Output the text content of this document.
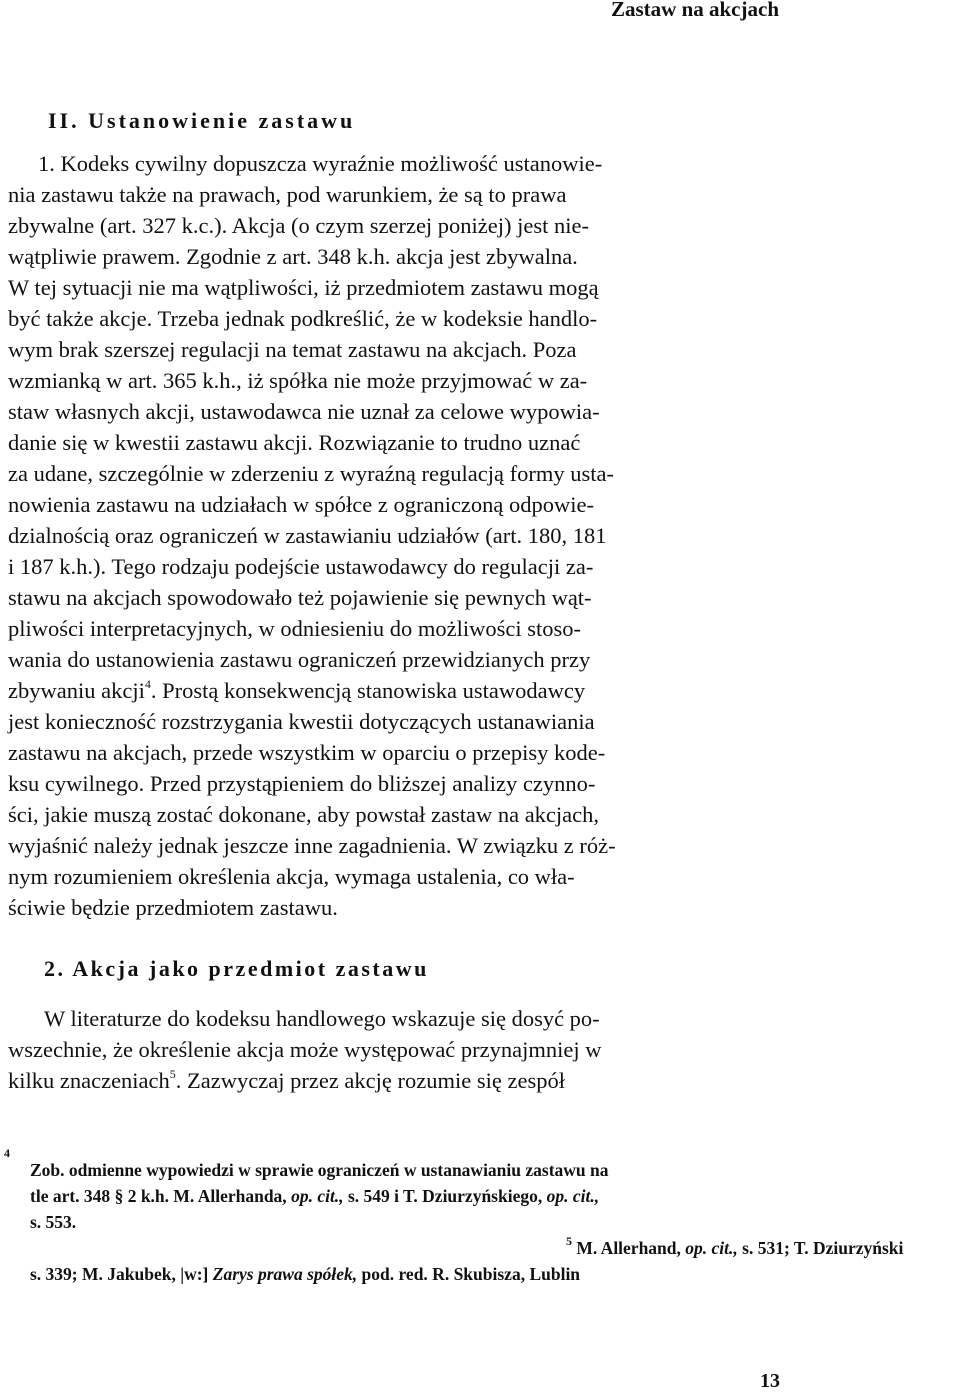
Zastaw na akcjach
II. Ustanowienie zastawu
1. Kodeks cywilny dopuszcza wyraźnie możliwość ustanowie-
nia zastawu także na prawach, pod warunkiem, że są to prawa
zbywalne (art. 327 k.c.). Akcja (o czym szerzej poniżej) jest nie-
wątpliwie prawem. Zgodnie z art. 348 k.h. akcja jest zbywalna.
W tej sytuacji nie ma wątpliwości, iż przedmiotem zastawu mogą
być także akcje. Trzeba jednak podkreślić, że w kodeksie handlo-
wym brak szerszej regulacji na temat zastawu na akcjach. Poza
wzmianką w art. 365 k.h., iż spółka nie może przyjmować w za-
staw własnych akcji, ustawodawca nie uznał za celowe wypowia-
danie się w kwestii zastawu akcji. Rozwiązanie to trudno uznać
za udane, szczególnie w zderzeniu z wyraźną regulacją formy usta-
nowienia zastawu na udziałach w spółce z ograniczoną odpowie-
dzialnością oraz ograniczeń w zastawianiu udziałów (art. 180, 181
i 187 k.h.). Tego rodzaju podejście ustawodawcy do regulacji za-
stawu na akcjach spowodowało też pojawienie się pewnych wąt-
pliwości interpretacyjnych, w odniesieniu do możliwości stoso-
wania do ustanowienia zastawu ograniczeń przewidzianych przy
zbywaniu akcji$^4$. Prostą konsekwencją stanowiska ustawodawcy
jest konieczność rozstrzygania kwestii dotyczących ustanawiania
zastawu na akcjach, przede wszystkim w oparciu o przepisy kode-
ksu cywilnego. Przed przystąpieniem do bliższej analizy czynno-
ści, jakie muszą zostać dokonane, aby powstał zastaw na akcjach,
wyjaśnić należy jednak jeszcze inne zagadnienia. W związku z róż-
nym rozumieniem określenia akcja, wymaga ustalenia, co wła-
ściwie będzie przedmiotem zastawu.
2. Akcja jako przedmiot zastawu
W literaturze do kodeksu handlowego wskazuje się dosyć po-
wszechnie, że określenie akcja może występować przynajmniej w
kilku znaczeniach$^5$. Zazwyczaj przez akcję rozumie się zespół
$^4$
Zob. odmienne wypowiedzi w sprawie ograniczeń w ustanawianiu zastawu na
tle art. 348 § 2 k.h. M. Allerhanda, op. cit., s. 549 i T. Dziurzyńskiego, op. cit.,
s. 553.
$^5$ M. Allerhand, op. cit., s. 531; T. Dziurzyński
s. 339; M. Jakubek, |w:] Zarys prawa spółek, pod. red. R. Skubisza, Lublin
13
